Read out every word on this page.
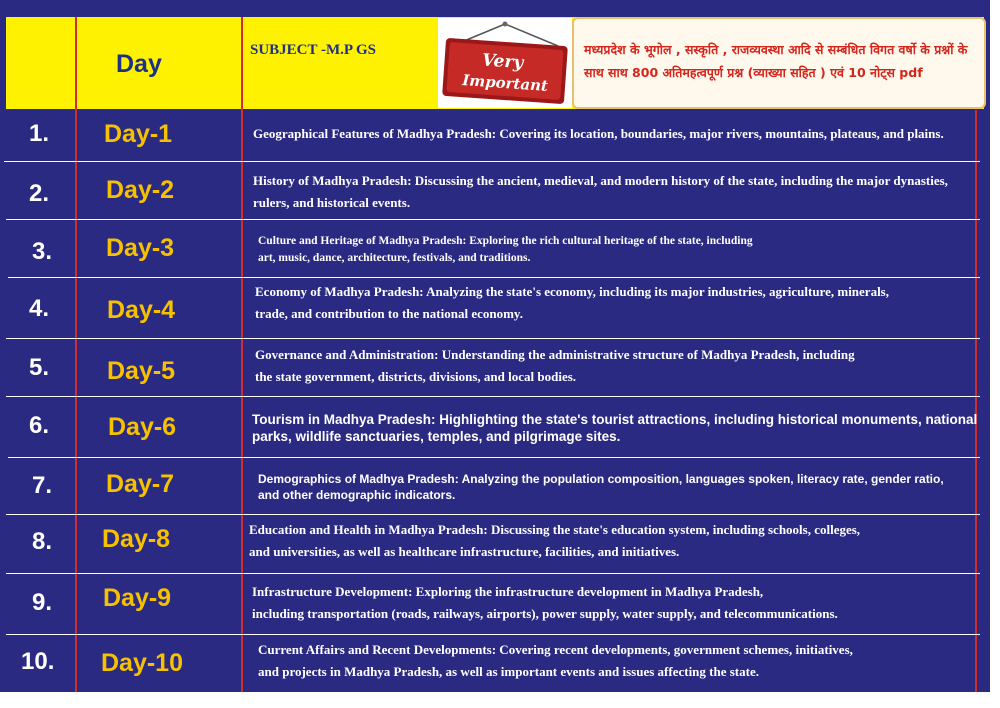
Day	SUBJECT -M.P GS
Very
Important
मध्यप्रदेश के भूगोल , सस्कृति , राजव्यवस्था आदि से सम्बंधित विगत वर्षो के प्रश्नों के
साथ साथ 800 अतिमहत्वपूर्ण प्रश्न (व्याख्या सहित ) एवं 10 नोट्स pdf
1. Day-1	Geographical Features of Madhya Pradesh: Covering its location, boundaries, major rivers, mountains, plateaus, and plains.
2. Day-2	History of Madhya Pradesh: Discussing the ancient, medieval, and modern history of the state, including the major dynasties,
rulers, and historical events.
3. Day-3	Culture and Heritage of Madhya Pradesh: Exploring the rich cultural heritage of the state, including
art, music, dance, architecture, festivals, and traditions.
4. Day-4
Economy of Madhya Pradesh: Analyzing the state's economy, including its major industries, agriculture, minerals,
trade, and contribution to the national economy.
5. Day-5
Governance and Administration: Understanding the administrative structure of Madhya Pradesh, including
the state government, districts, divisions, and local bodies.
6. Day-6	Tourism in Madhya Pradesh: Highlighting the state's tourist attractions, including historical monuments, national
parks, wildlife sanctuaries, temples, and pilgrimage sites.
7. Day-7	Demographics of Madhya Pradesh: Analyzing the population composition, languages spoken, literacy rate, gender ratio,
and other demographic indicators.
8. Day-8	Education and Health in Madhya Pradesh: Discussing the state's education system, including schools, colleges,
and universities, as well as healthcare infrastructure, facilities, and initiatives.
9. Day-9	Infrastructure Development: Exploring the infrastructure development in Madhya Pradesh,
including transportation (roads, railways, airports), power supply, water supply, and telecommunications.
10. Day-10	Current Affairs and Recent Developments: Covering recent developments, government schemes, initiatives,
and projects in Madhya Pradesh, as well as important events and issues affecting the state.
